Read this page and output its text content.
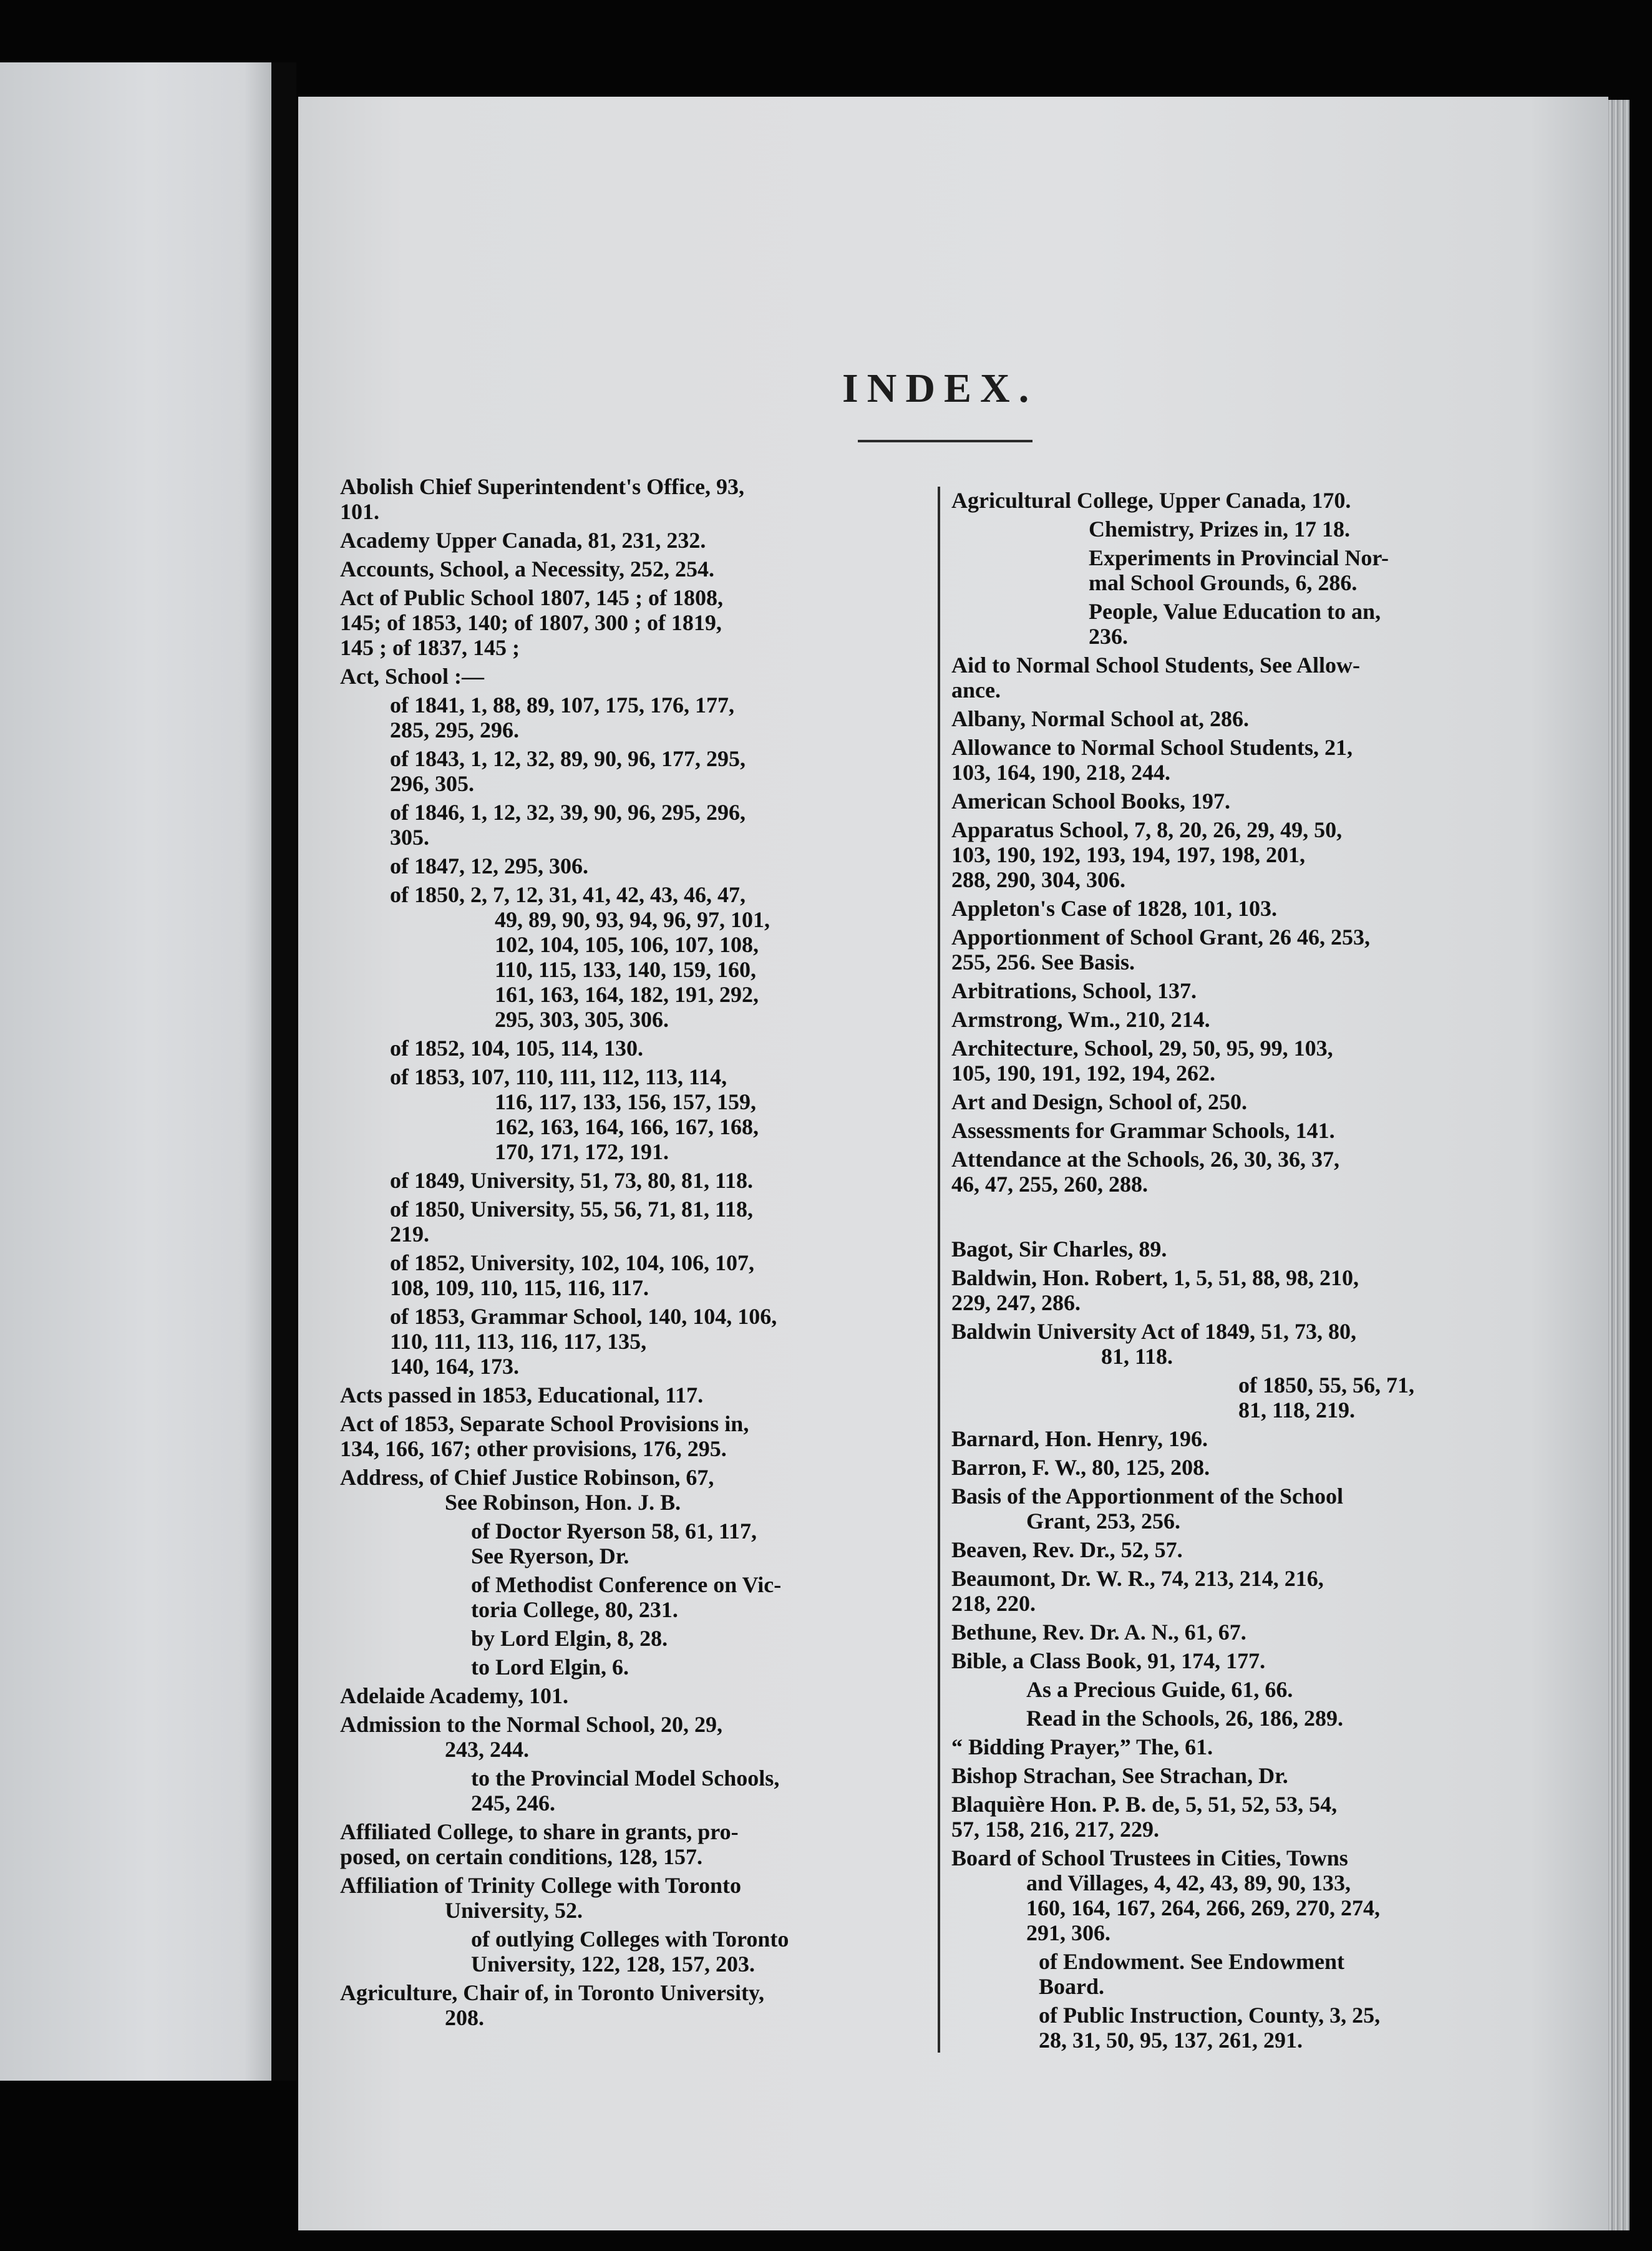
INDEX.
Abolish Chief Superintendent's Office, 93,
101.
Academy Upper Canada, 81, 231, 232.
Accounts, School, a Necessity, 252, 254.
Act of Public School 1807, 145 ; of 1808,
145; of 1853, 140; of 1807, 300 ; of 1819,
145 ; of 1837, 145 ;
Act, School :—
of 1841, 1, 88, 89, 107, 175, 176, 177,
285, 295, 296.
of 1843, 1, 12, 32, 89, 90, 96, 177, 295,
296, 305.
of 1846, 1, 12, 32, 39, 90, 96, 295, 296,
305.
of 1847, 12, 295, 306.
of 1850, 2, 7, 12, 31, 41, 42, 43, 46, 47,
49, 89, 90, 93, 94, 96, 97, 101,
102, 104, 105, 106, 107, 108,
110, 115, 133, 140, 159, 160,
161, 163, 164, 182, 191, 292,
295, 303, 305, 306.
of 1852, 104, 105, 114, 130.
of 1853, 107, 110, 111, 112, 113, 114,
116, 117, 133, 156, 157, 159,
162, 163, 164, 166, 167, 168,
170, 171, 172, 191.
of 1849, University, 51, 73, 80, 81, 118.
of 1850, University, 55, 56, 71, 81, 118,
219.
of 1852, University, 102, 104, 106, 107,
108, 109, 110, 115, 116, 117.
of 1853, Grammar School, 140, 104, 106,
110, 111, 113, 116, 117, 135,
140, 164, 173.
Acts passed in 1853, Educational, 117.
Act of 1853, Separate School Provisions in,
134, 166, 167; other provisions, 176, 295.
Address, of Chief Justice Robinson, 67,
See Robinson, Hon. J. B.
of Doctor Ryerson 58, 61, 117,
See Ryerson, Dr.
of Methodist Conference on Vic-
toria College, 80, 231.
by Lord Elgin, 8, 28.
to Lord Elgin, 6.
Adelaide Academy, 101.
Admission to the Normal School, 20, 29,
243, 244.
to the Provincial Model Schools,
245, 246.
Affiliated College, to share in grants, pro-
posed, on certain conditions, 128, 157.
Affiliation of Trinity College with Toronto
University, 52.
of outlying Colleges with Toronto
University, 122, 128, 157, 203.
Agriculture, Chair of, in Toronto University,
208.
Agricultural College, Upper Canada, 170.
Chemistry, Prizes in, 17 18.
Experiments in Provincial Nor-
mal School Grounds, 6, 286.
People, Value Education to an,
236.
Aid to Normal School Students, See Allow-
ance.
Albany, Normal School at, 286.
Allowance to Normal School Students, 21,
103, 164, 190, 218, 244.
American School Books, 197.
Apparatus School, 7, 8, 20, 26, 29, 49, 50,
103, 190, 192, 193, 194, 197, 198, 201,
288, 290, 304, 306.
Appleton's Case of 1828, 101, 103.
Apportionment of School Grant, 26 46, 253,
255, 256. See Basis.
Arbitrations, School, 137.
Armstrong, Wm., 210, 214.
Architecture, School, 29, 50, 95, 99, 103,
105, 190, 191, 192, 194, 262.
Art and Design, School of, 250.
Assessments for Grammar Schools, 141.
Attendance at the Schools, 26, 30, 36, 37,
46, 47, 255, 260, 288.
Bagot, Sir Charles, 89.
Baldwin, Hon. Robert, 1, 5, 51, 88, 98, 210,
229, 247, 286.
Baldwin University Act of 1849, 51, 73, 80,
81, 118.
of 1850, 55, 56, 71,
81, 118, 219.
Barnard, Hon. Henry, 196.
Barron, F. W., 80, 125, 208.
Basis of the Apportionment of the School
Grant, 253, 256.
Beaven, Rev. Dr., 52, 57.
Beaumont, Dr. W. R., 74, 213, 214, 216,
218, 220.
Bethune, Rev. Dr. A. N., 61, 67.
Bible, a Class Book, 91, 174, 177.
As a Precious Guide, 61, 66.
Read in the Schools, 26, 186, 289.
“ Bidding Prayer,” The, 61.
Bishop Strachan, See Strachan, Dr.
Blaquière Hon. P. B. de, 5, 51, 52, 53, 54,
57, 158, 216, 217, 229.
Board of School Trustees in Cities, Towns
and Villages, 4, 42, 43, 89, 90, 133,
160, 164, 167, 264, 266, 269, 270, 274,
291, 306.
of Endowment. See Endowment
Board.
of Public Instruction, County, 3, 25,
28, 31, 50, 95, 137, 261, 291.
